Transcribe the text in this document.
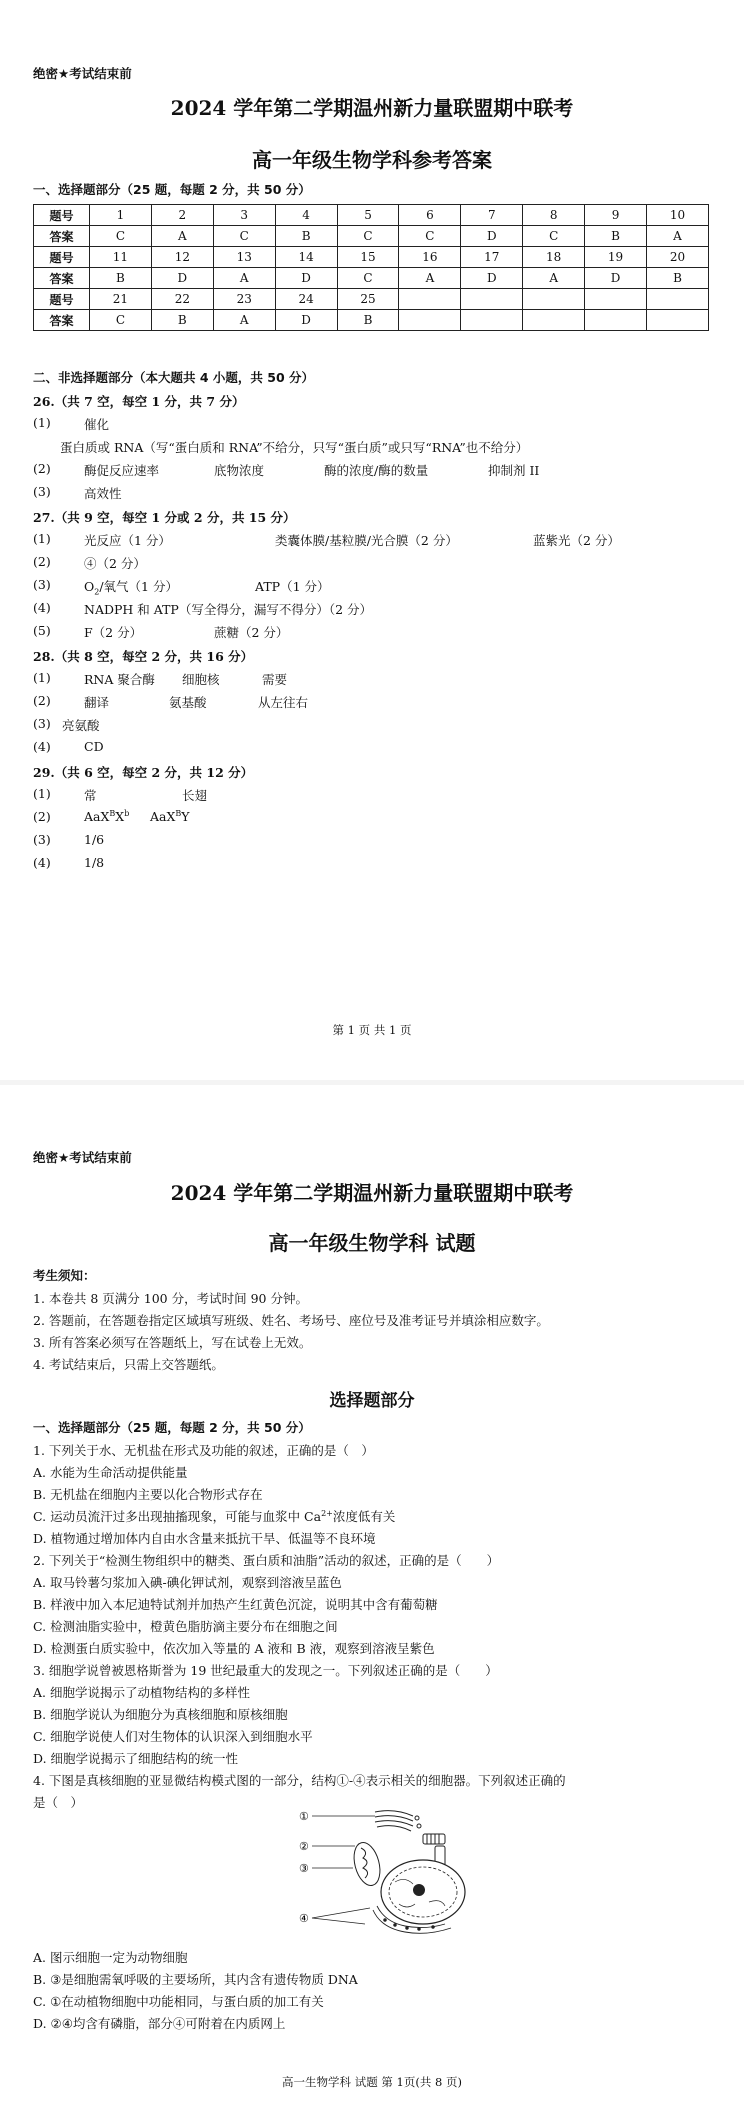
绝密★考试结束前
2024 学年第二学期温州新力量联盟期中联考
高一年级生物学科参考答案
一、选择题部分（25 题，每题 2 分，共 50 分）
题号	1	2	3	4	5	6	7	8	9	10
答案	C	A	C	B	C	C	D	C	B	A
题号	11	12	13	14	15	16	17	18	19	20
答案	B	D	A	D	C	A	D	A	D	B
题号	21	22	23	24	25					
答案	C	B	A	D	B					
二、非选择题部分（本大题共 4 小题，共 50 分）
26.（共 7 空，每空 1 分，共 7 分）
(1)	催化
蛋白质或 RNA（写“蛋白质和 RNA”不给分，只写“蛋白质”或只写“RNA”也不给分）
(2)	酶促反应速率	底物浓度	酶的浓度/酶的数量	抑制剂 II
(3)	高效性
27.（共 9 空，每空 1 分或 2 分，共 15 分）
(1)	光反应（1 分）	类囊体膜/基粒膜/光合膜（2 分）	蓝紫光（2 分）
(2)	④（2 分）
(3)	$O_2/$氧气（1 分）	ATP（1 分）
(4)	NADPH 和 ATP（写全得分，漏写不得分）（2 分）
(5)	F（2 分）	蔗糖（2 分）
28.（共 8 空，每空 2 分，共 16 分）
(1)	RNA 聚合酶 细胞核	需要
(2)	翻译	氨基酸	从左往右
(3) 亮氨酸
(4)	CD
29.（共 6 空，每空 2 分，共 12 分）
(1)	常	长翅
(2)	$AaX^BX^b$ AaX$^B$Y
(3)	1/6
(4)	1/8
第 1 页 共 1 页
绝密★考试结束前
2024 学年第二学期温州新力量联盟期中联考
高一年级生物学科 试题
考生须知：
1. 本卷共 8 页满分 100 分，考试时间 90 分钟。
2. 答题前，在答题卷指定区域填写班级、姓名、考场号、座位号及准考证号并填涂相应数字。
3. 所有答案必须写在答题纸上，写在试卷上无效。
4. 考试结束后，只需上交答题纸。
选择题部分
一、选择题部分（25 题，每题 2 分，共 50 分）
1. 下列关于水、无机盐在形式及功能的叙述，正确的是（　）
A. 水能为生命活动提供能量
B. 无机盐在细胞内主要以化合物形式存在
C. 运动员流汗过多出现抽搐现象，可能与血浆中 $Ca^{2+}$浓度低有关
D. 植物通过增加体内自由水含量来抵抗干旱、低温等不良环境
2. 下列关于“检测生物组织中的糖类、蛋白质和油脂”活动的叙述，正确的是（　　）
A. 取马铃薯匀浆加入碘-碘化钾试剂，观察到溶液呈蓝色
B. 样液中加入本尼迪特试剂并加热产生红黄色沉淀，说明其中含有葡萄糖
C. 检测油脂实验中，橙黄色脂肪滴主要分布在细胞之间
D. 检测蛋白质实验中，依次加入等量的 A 液和 B 液，观察到溶液呈紫色
3. 细胞学说曾被恩格斯誉为 19 世纪最重大的发现之一。下列叙述正确的是（　　）
A. 细胞学说揭示了动植物结构的多样性
B. 细胞学说认为细胞分为真核细胞和原核细胞
C. 细胞学说使人们对生物体的认识深入到细胞水平
D. 细胞学说揭示了细胞结构的统一性
4. 下图是真核细胞的亚显微结构模式图的一部分，结构①-④表示相关的细胞器。下列叙述正确的
是（　）
①
②
③
④
A. 图示细胞一定为动物细胞
B. ③是细胞需氧呼吸的主要场所，其内含有遗传物质 DNA
C. ①在动植物细胞中功能相同，与蛋白质的加工有关
D. ②④均含有磷脂，部分④可附着在内质网上
高一生物学科 试题 第 1页(共 8 页)
